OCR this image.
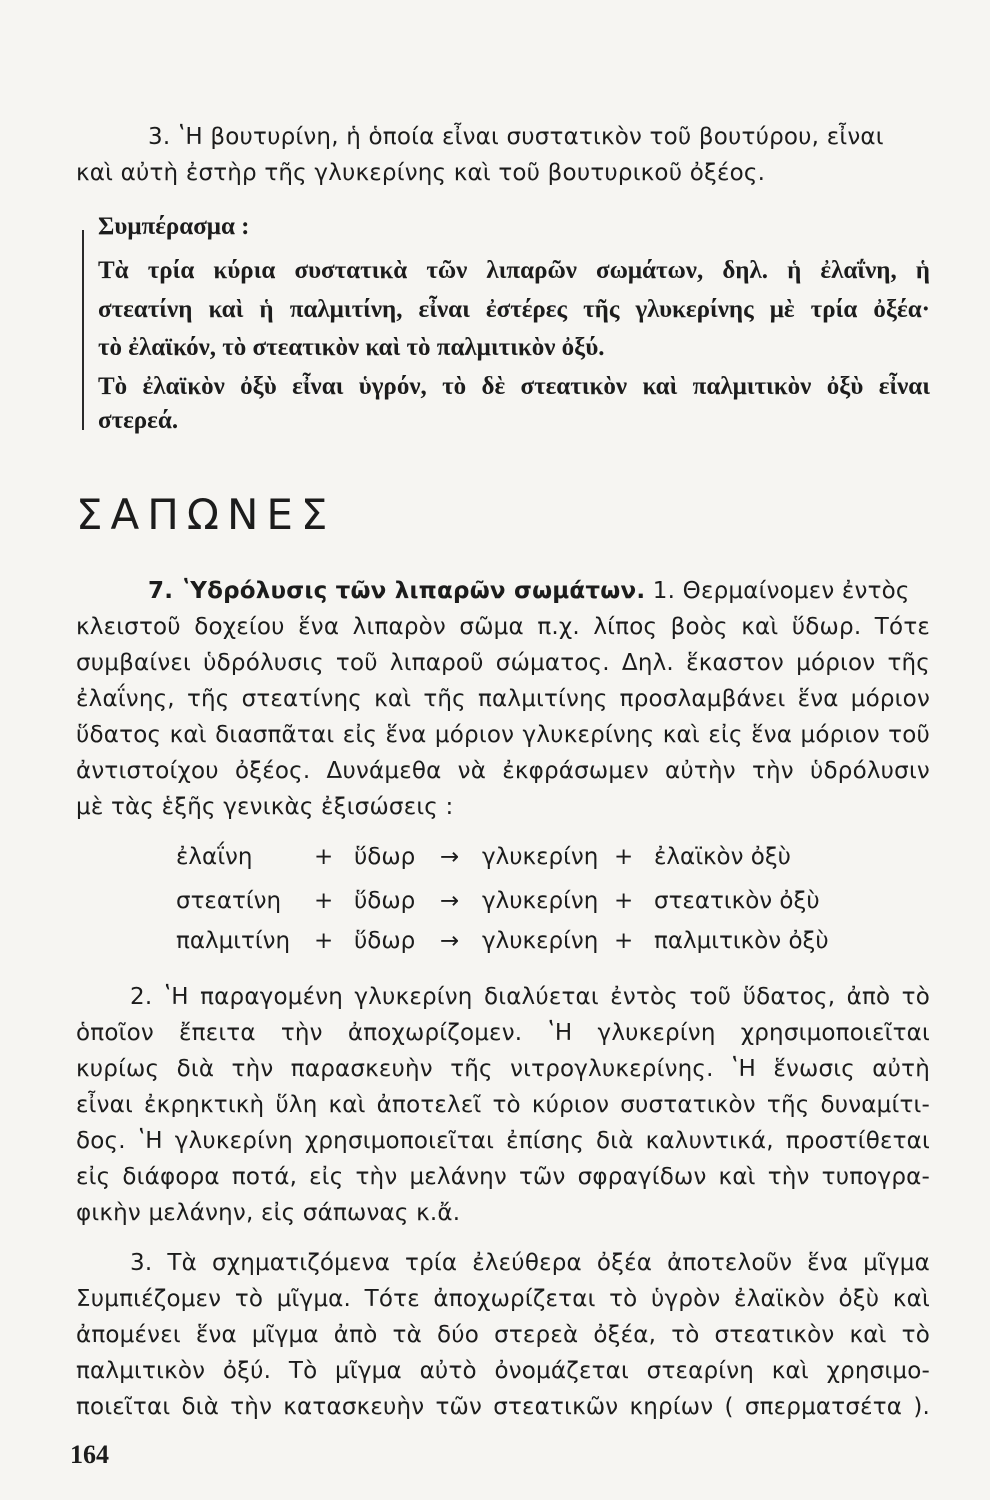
3. ʽΗ βουτυρίνη, ἡ ὁποία εἶναι συστατικὸν τοῦ βουτύρου, εἶναι
καὶ αὐτὴ ἐστὴρ τῆς γλυκερίνης καὶ τοῦ βουτυρικοῦ ὀξέος.
Συμπέρασμα :
Τὰ τρία κύρια συστατικὰ τῶν λιπαρῶν σωμάτων, δηλ. ἡ ἐλαΐνη, ἡ
στεατίνη καὶ ἡ παλμιτίνη, εἶναι ἐστέρες τῆς γλυκερίνης μὲ τρία ὀξέα·
τὸ ἐλαϊκόν, τὸ στεατικὸν καὶ τὸ παλμιτικὸν ὀξύ.
Τὸ ἐλαϊκὸν ὀξὺ εἶναι ὑγρόν, τὸ δὲ στεατικὸν καὶ παλμιτικὸν ὀξὺ εἶναι
στερεά.
ΣΑΠΩΝΕΣ
7. ʽΥδρόλυσις τῶν λιπαρῶν σωμάτων. 1. Θερμαίνομεν ἐντὸς
κλειστοῦ δοχείου ἕνα λιπαρὸν σῶμα π.χ. λίπος βοὸς καὶ ὕδωρ. Τότε
συμβαίνει ὑδρόλυσις τοῦ λιπαροῦ σώματος. Δηλ. ἕκαστον μόριον τῆς
ἐλαΐνης, τῆς στεατίνης καὶ τῆς παλμιτίνης προσλαμβάνει ἕνα μόριον
ὕδατος καὶ διασπᾶται εἰς ἕνα μόριον γλυκερίνης καὶ εἰς ἕνα μόριον τοῦ
ἀντιστοίχου ὀξέος. Δυνάμεθα νὰ ἐκφράσωμεν αὐτὴν τὴν ὑδρόλυσιν
μὲ τὰς ἑξῆς γενικὰς ἐξισώσεις :
ἐλαΐνη	+ ὕδωρ → γλυκερίνη + ἐλαϊκὸν ὀξὺ
στεατίνη + ὕδωρ → γλυκερίνη + στεατικὸν ὀξὺ
παλμιτίνη + ὕδωρ → γλυκερίνη + παλμιτικὸν ὀξὺ
2. ʽΗ παραγομένη γλυκερίνη διαλύεται ἐντὸς τοῦ ὕδατος, ἀπὸ τὸ
ὁποῖον ἔπειτα τὴν ἀποχωρίζομεν. ʽΗ γλυκερίνη χρησιμοποιεῖται
κυρίως διὰ τὴν παρασκευὴν τῆς νιτρογλυκερίνης. ʽΗ ἕνωσις αὐτὴ
εἶναι ἐκρηκτικὴ ὕλη καὶ ἀποτελεῖ τὸ κύριον συστατικὸν τῆς δυναμίτι-
δος. ʽΗ γλυκερίνη χρησιμοποιεῖται ἐπίσης διὰ καλυντικά, προστίθεται
εἰς διάφορα ποτά, εἰς τὴν μελάνην τῶν σφραγίδων καὶ τὴν τυπογρα-
φικὴν μελάνην, εἰς σάπωνας κ.ἄ.
3. Τὰ σχηματιζόμενα τρία ἐλεύθερα ὀξέα ἀποτελοῦν ἕνα μῖγμα
Συμπιέζομεν τὸ μῖγμα. Τότε ἀποχωρίζεται τὸ ὑγρὸν ἐλαϊκὸν ὀξὺ καὶ
ἀπομένει ἕνα μῖγμα ἀπὸ τὰ δύο στερεὰ ὀξέα, τὸ στεατικὸν καὶ τὸ
παλμιτικὸν ὀξύ. Τὸ μῖγμα αὐτὸ ὀνομάζεται στεαρίνη καὶ χρησιμο-
ποιεῖται διὰ τὴν κατασκευὴν τῶν στεατικῶν κηρίων ( σπερματσέτα ).
164
